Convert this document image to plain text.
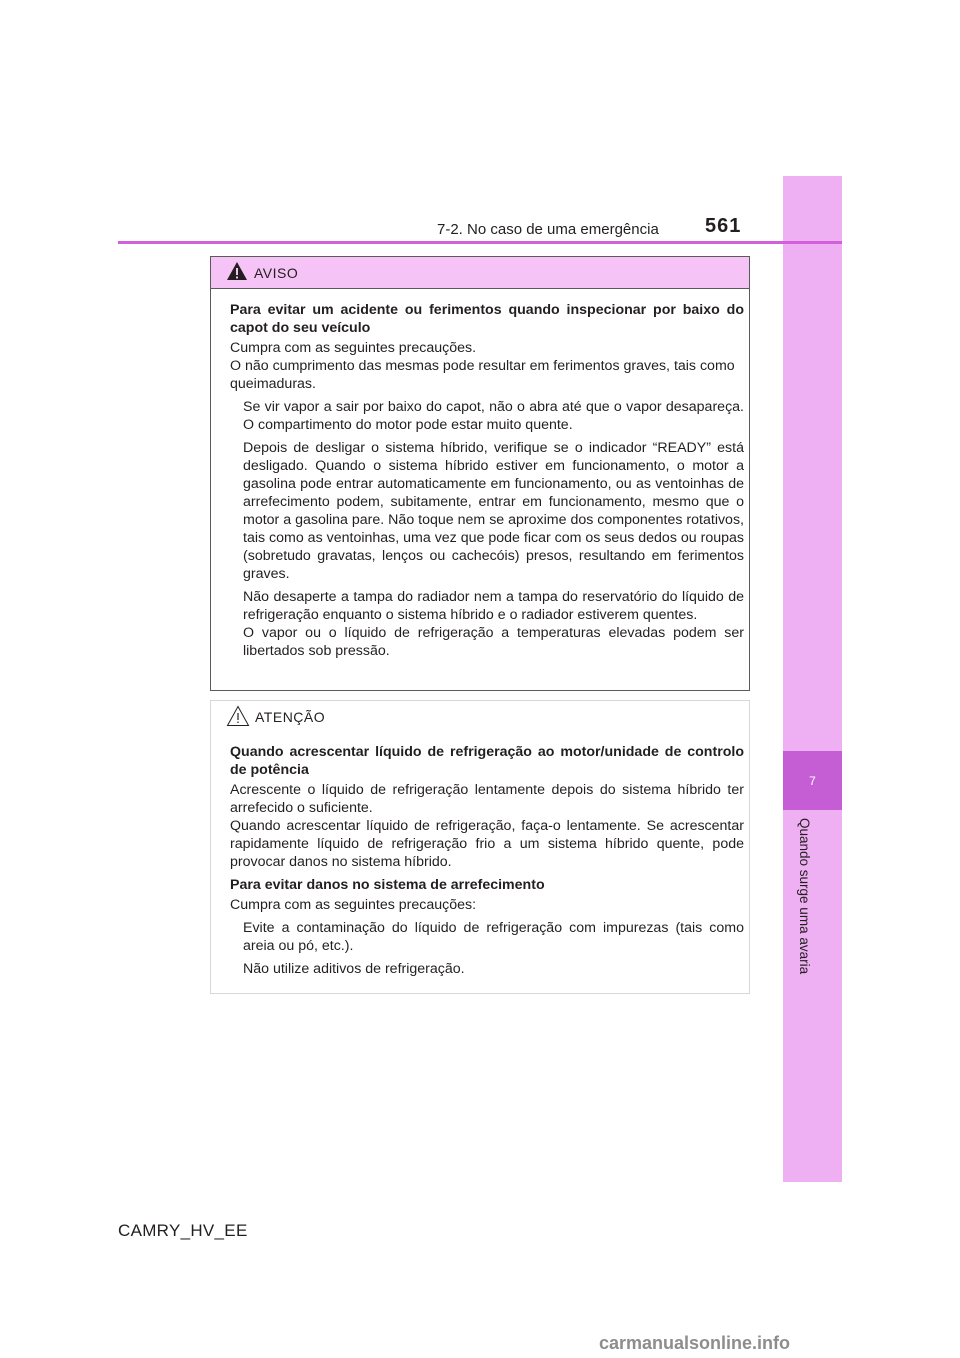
7
Quando surge uma avaria
7-2. No caso de uma emergência 561
AVISO

Para evitar um acidente ou ferimentos quando inspecionar por baixo do capot do seu veículo

Cumpra com as seguintes precauções.
O não cumprimento das mesmas pode resultar em ferimentos graves, tais como queimaduras.

Se vir vapor a sair por baixo do capot, não o abra até que o vapor desapareça. O compartimento do motor pode estar muito quente.

Depois de desligar o sistema híbrido, verifique se o indicador “READY” está desligado. Quando o sistema híbrido estiver em funcionamento, o motor a gasolina pode entrar automaticamente em funcionamento, ou as ventoinhas de arrefecimento podem, subitamente, entrar em funcionamento, mesmo que o motor a gasolina pare. Não toque nem se aproxime dos componentes rotativos, tais como as ventoinhas, uma vez que pode ficar com os seus dedos ou roupas (sobretudo gravatas, lenços ou cachecóis) presos, resultando em ferimentos graves.

Não desaperte a tampa do radiador nem a tampa do reservatório do líquido de refrigeração enquanto o sistema híbrido e o radiador estiverem quentes.
O vapor ou o líquido de refrigeração a temperaturas elevadas podem ser libertados sob pressão.

ATENÇÃO

Quando acrescentar líquido de refrigeração ao motor/unidade de controlo de potência

Acrescente o líquido de refrigeração lentamente depois do sistema híbrido ter arrefecido o suficiente.
Quando acrescentar líquido de refrigeração, faça-o lentamente. Se acrescentar rapidamente líquido de refrigeração frio a um sistema híbrido quente, pode provocar danos no sistema híbrido.

Para evitar danos no sistema de arrefecimento

Cumpra com as seguintes precauções:

Evite a contaminação do líquido de refrigeração com impurezas (tais como areia ou pó, etc.).

Não utilize aditivos de refrigeração.

CAMRY_HV_EE
carmanualsonline.info
